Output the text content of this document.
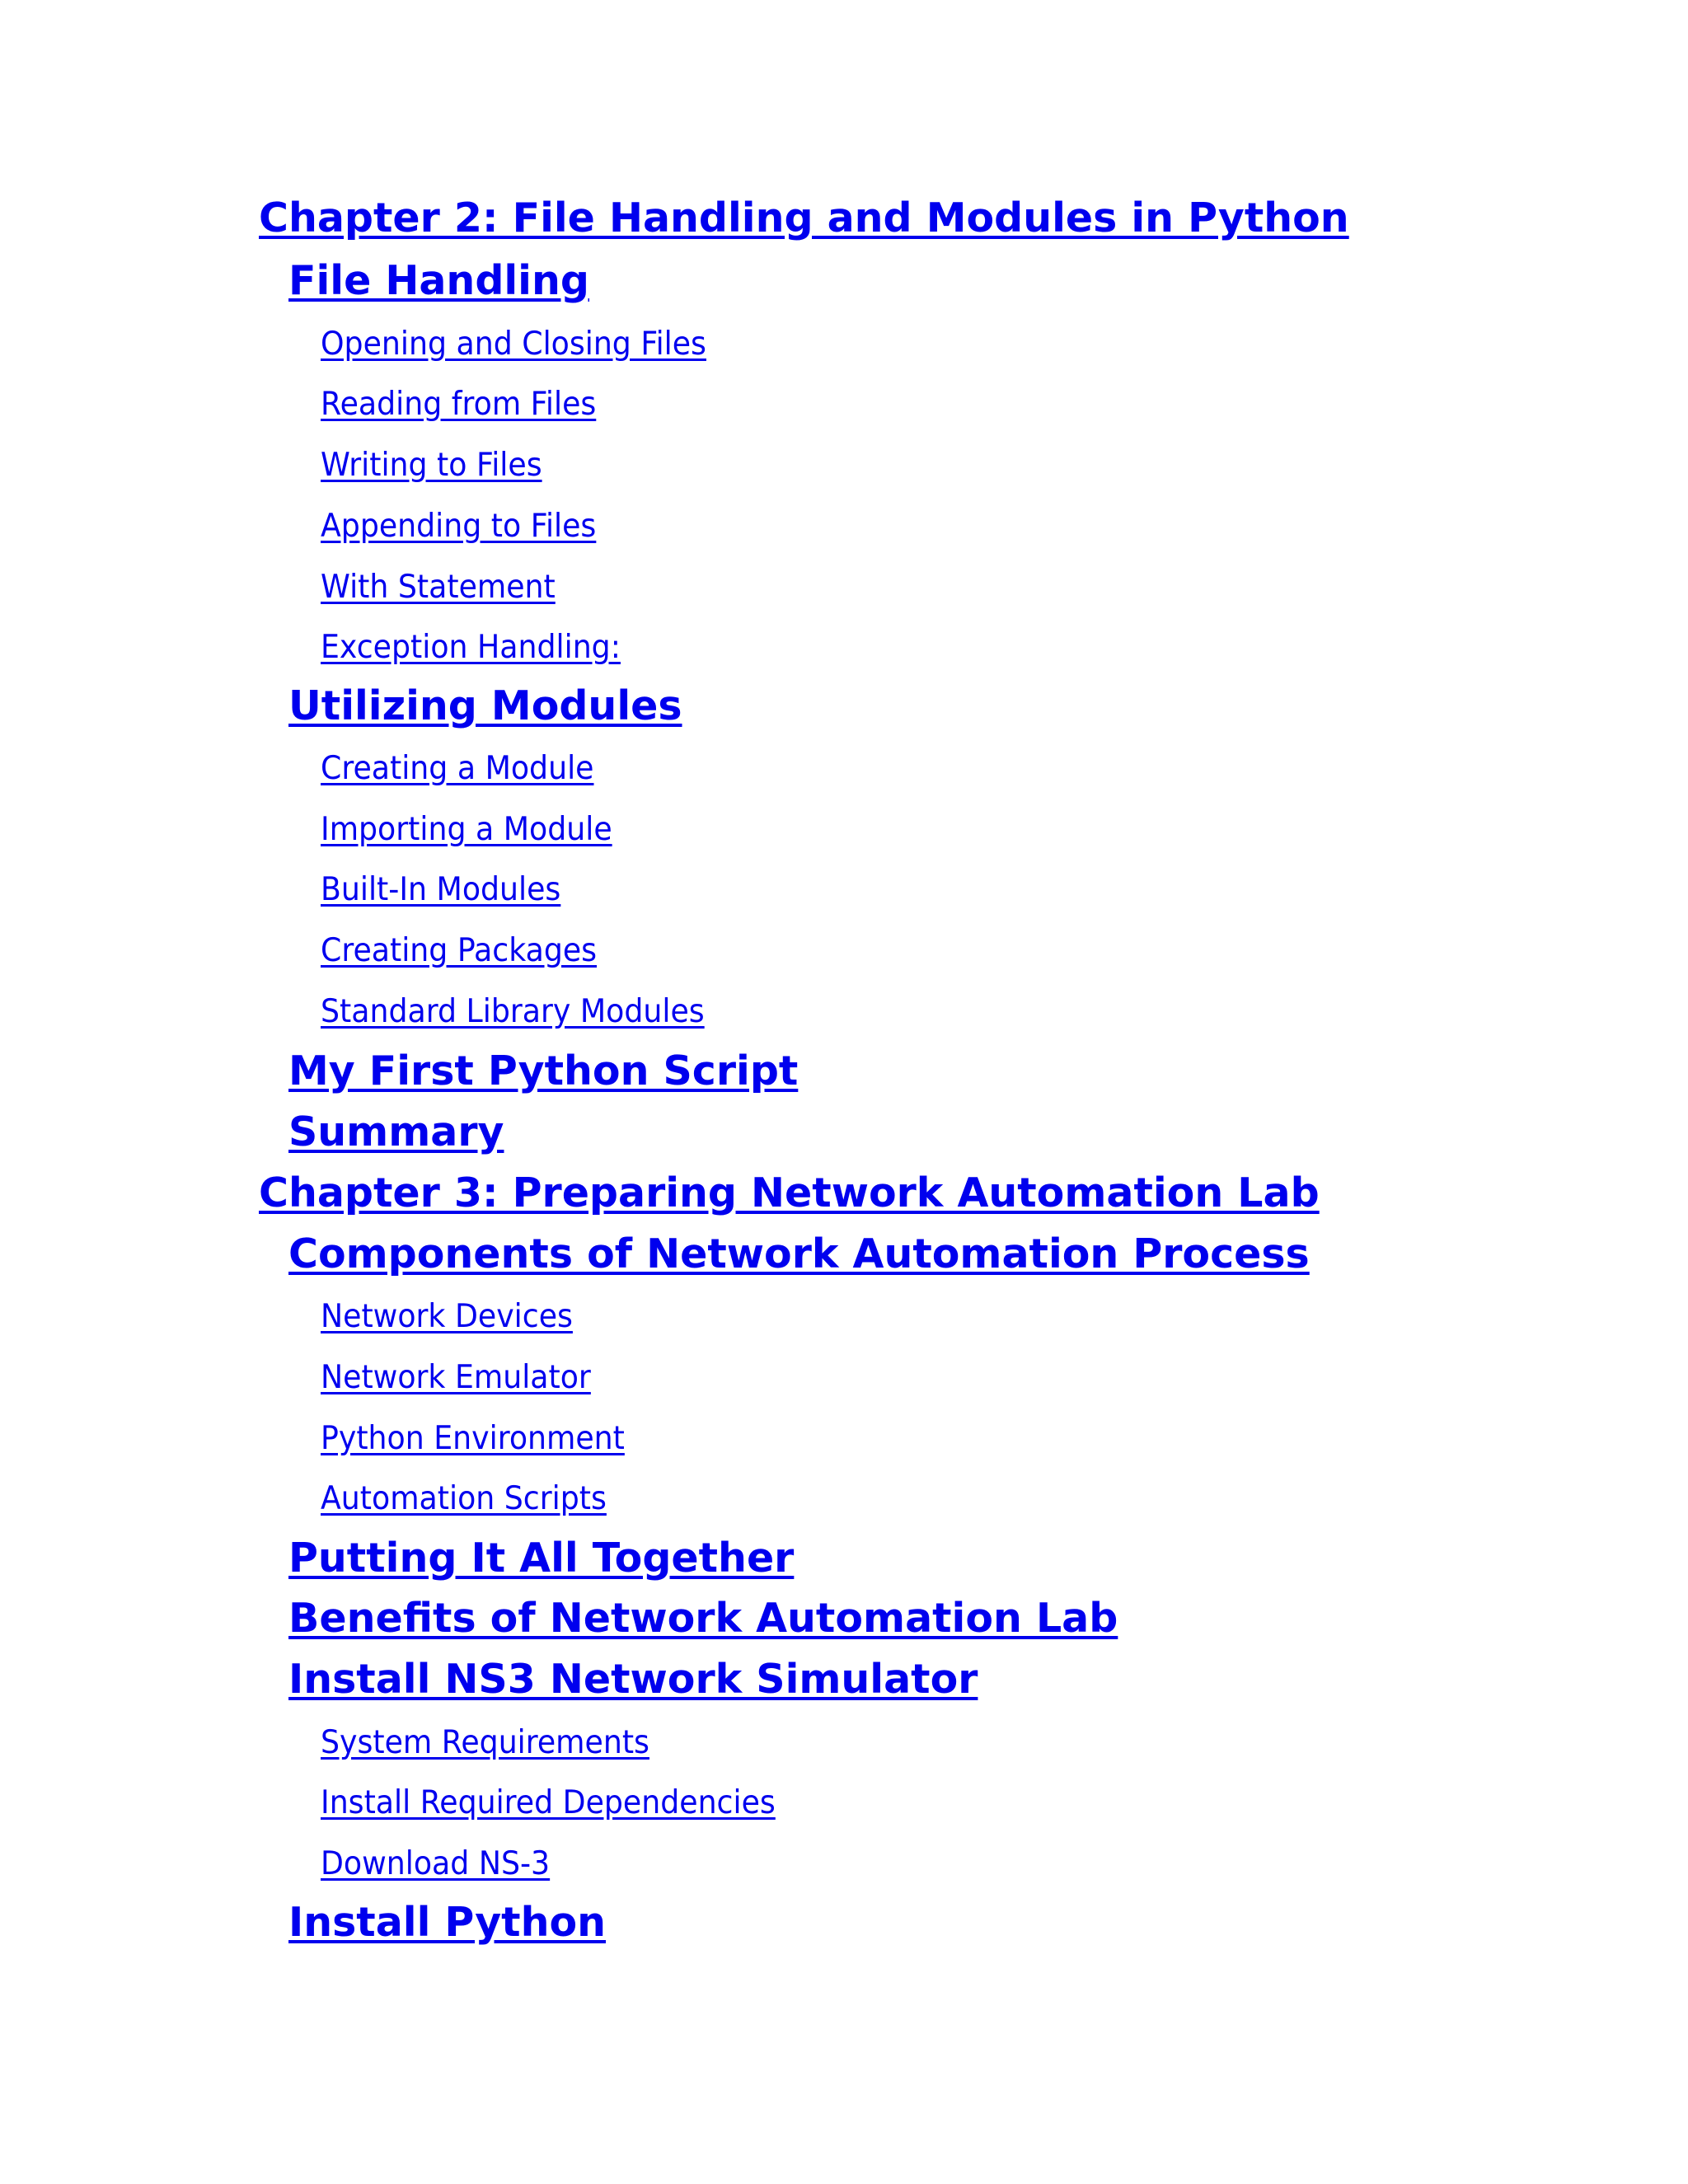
Chapter 2: File Handling and Modules in Python
File Handling
Opening and Closing Files
Reading from Files
Writing to Files
Appending to Files
With Statement
Exception Handling:
Utilizing Modules
Creating a Module
Importing a Module
Built-In Modules
Creating Packages
Standard Library Modules
My First Python Script
Summary
Chapter 3: Preparing Network Automation Lab
Components of Network Automation Process
Network Devices
Network Emulator
Python Environment
Automation Scripts
Putting It All Together
Benefits of Network Automation Lab
Install NS3 Network Simulator
System Requirements
Install Required Dependencies
Download NS-3
Install Python
